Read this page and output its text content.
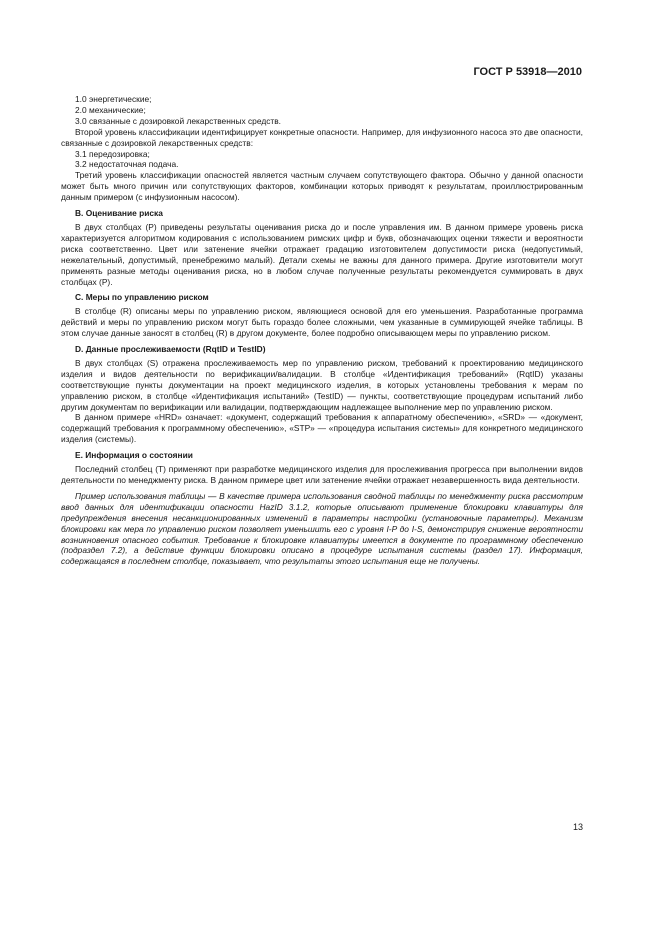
ГОСТ Р 53918—2010

1.0 энергетические;

2.0 механические;

3.0 связанные с дозировкой лекарственных средств.

Второй уровень классификации идентифицирует конкретные опасности. Например, для инфузионного насоса это две опасности, связанные с дозировкой лекарственных средств:

3.1 передозировка;

3.2 недостаточная подача.

Третий уровень классификации опасностей является частным случаем сопутствующего фактора. Обычно у данной опасности может быть много причин или сопутствующих факторов, комбинации которых приводят к результатам, проиллюстрированным данным примером (с инфузионным насосом).

B. Оценивание риска

В двух столбцах (P) приведены результаты оценивания риска до и после управления им. В данном примере уровень риска характеризуется алгоритмом кодирования с использованием римских цифр и букв, обозначающих оценки тяжести и вероятности риска соответственно. Цвет или затенение ячейки отражает градацию изготовителем допустимости риска (недопустимый, нежелательный, допустимый, пренебрежимо малый). Детали схемы не важны для данного примера. Другие изготовители могут применять разные методы оценивания риска, но в любом случае полученные результаты рекомендуется суммировать в двух столбцах (P).

C. Меры по управлению риском

В столбце (R) описаны меры по управлению риском, являющиеся основой для его уменьшения. Разработанные программа действий и меры по управлению риском могут быть гораздо более сложными, чем указанные в суммирующей ячейке таблицы. В этом случае данные заносят в столбец (R) в другом документе, более подробно описывающем меры по управлению риском.

D. Данные прослеживаемости (RqtID и TestID)

В двух столбцах (S) отражена прослеживаемость мер по управлению риском, требований к проектированию медицинского изделия и видов деятельности по верификации/валидации. В столбце «Идентификация требований» (RqtID) указаны соответствующие пункты документации на проект медицинского изделия, в которых установлены требования к мерам по управлению риском, в столбце «Идентификация испытаний» (TestID) — пункты, соответствующие процедурам испытаний либо другим документам по верификации или валидации, подтверждающим надлежащее выполнение мер по управлению риском.

В данном примере «HRD» означает: «документ, содержащий требования к аппаратному обеспечению», «SRD» — «документ, содержащий требования к программному обеспечению», «STP» — «процедура испытания системы» для конкретного медицинского изделия (системы).

E. Информация о состоянии

Последний столбец (T) применяют при разработке медицинского изделия для прослеживания прогресса при выполнении видов деятельности по менеджменту риска. В данном примере цвет или затенение ячейки отражает незавершенность вида деятельности.

Пример использования таблицы — В качестве примера использования сводной таблицы по менеджменту риска рассмотрим ввод данных для идентификации опасности HazID 3.1.2, которые описывают применение блокировки клавиатуры для предупреждения внесения несанкционированных изменений в параметры настройки (установочные параметры). Механизм блокировки как мера по управлению риском позволяет уменьшить его с уровня I-P до I-S, демонстрируя снижение вероятности возникновения опасного события. Требование к блокировке клавиатуры имеется в документе по программному обеспечению (подраздел 7.2), а действие функции блокировки описано в процедуре испытания системы (раздел 17). Информация, содержащаяся в последнем столбце, показывает, что результаты этого испытания еще не получены.

13
